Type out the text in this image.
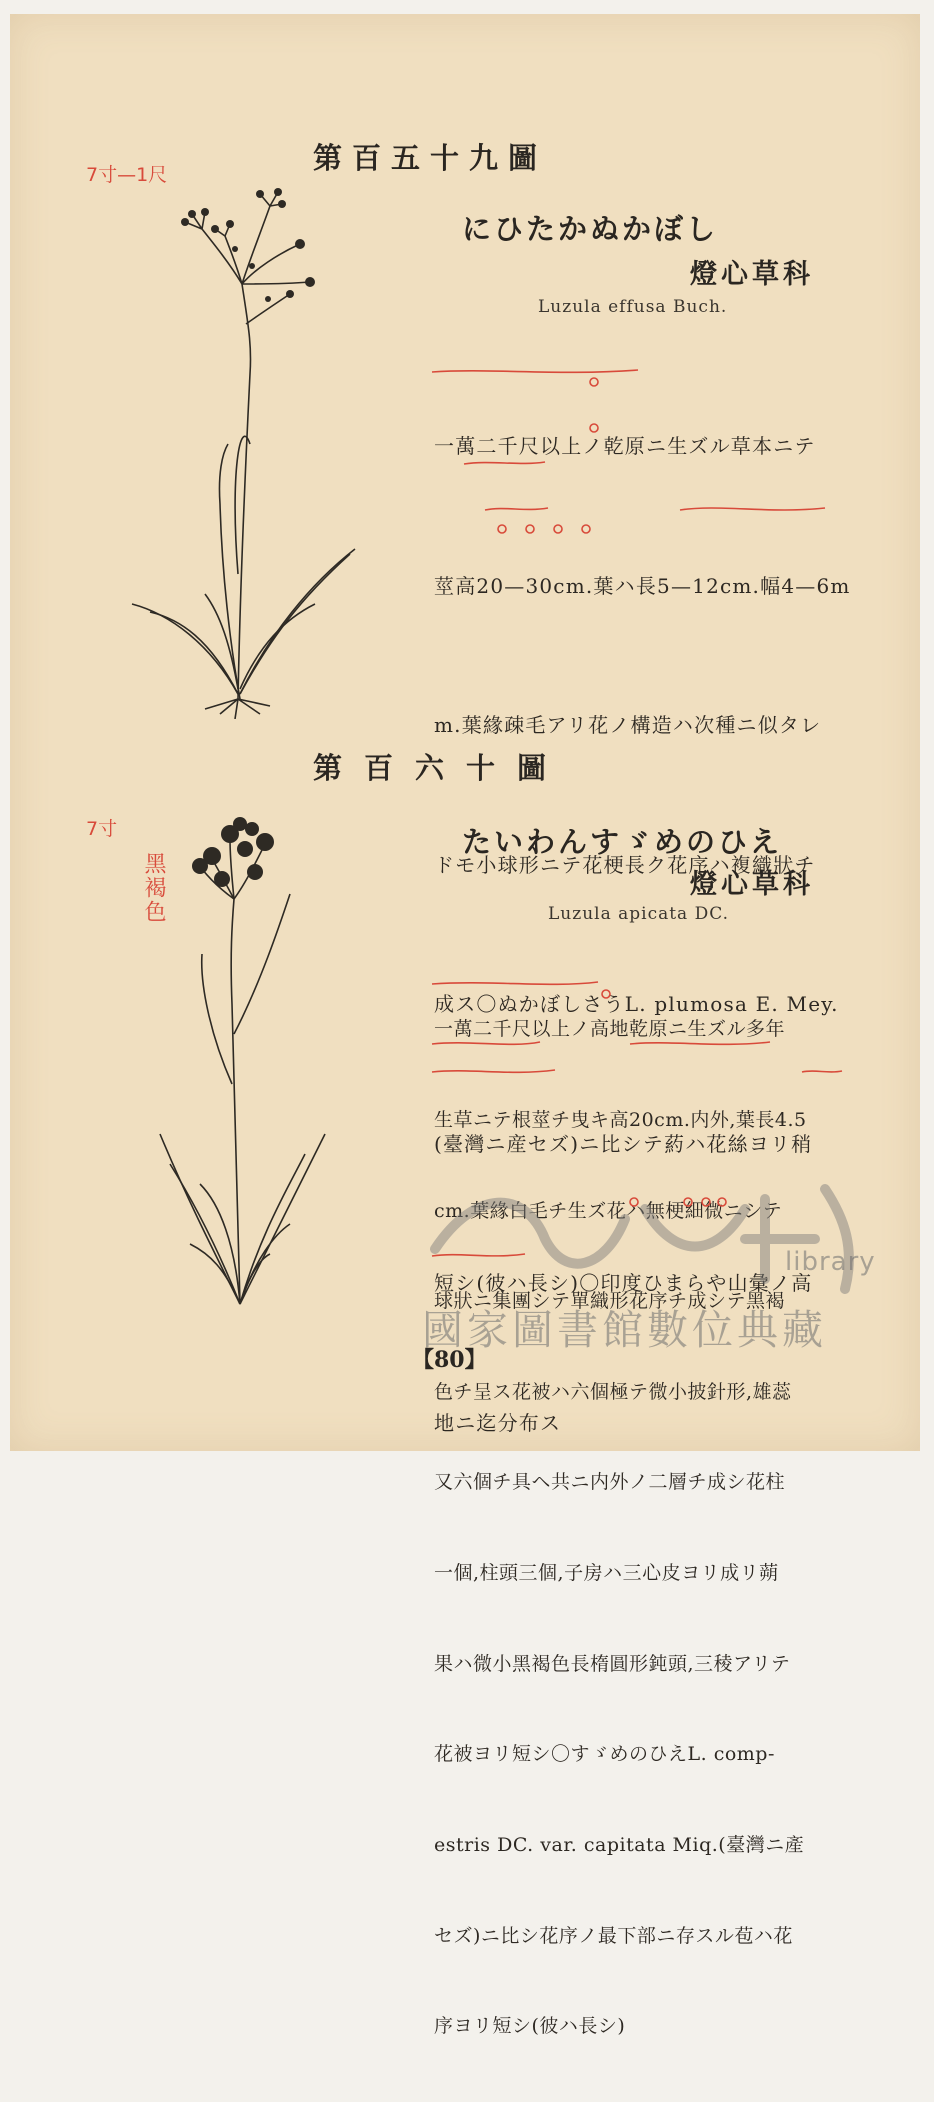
第百五十九圖
7寸—1尺
にひたかぬかぼし
燈心草科
Luzula effusa Buch.

一萬二千尺以上ノ乾原ニ生ズル草本ニテ

莖高20—30cm.葉ハ長5—12cm.幅4—6m

m.葉緣疎毛アリ花ノ構造ハ次種ニ似タレ

ドモ小球形ニテ花梗長ク花序ハ複織狀チ

成ス〇ぬかぼしさうL. plumosa E. Mey.

(臺灣ニ産セズ)ニ比シテ葯ハ花絲ヨリ稍

短シ(彼ハ長シ)〇印度ひまらや山彙ノ高

地ニ迄分布ス

第百六十圖
7寸
黑褐色
たいわんすゞめのひえ
燈心草科
Luzula apicata DC.

一萬二千尺以上ノ高地乾原ニ生ズル多年

生草ニテ根莖チ曳キ高20cm.内外,葉長4.5

cm.葉緣白毛チ生ズ花ハ無梗細微ニシテ

球狀ニ集團シテ單織形花序チ成シテ黑褐

色チ呈ス花被ハ六個極テ微小披針形,雄蕊

又六個チ具ヘ共ニ内外ノ二層チ成シ花柱

一個,柱頭三個,子房ハ三心皮ヨリ成リ蒴

果ハ微小黑褐色長楕圓形鈍頭,三稜アリテ

花被ヨリ短シ〇すゞめのひえL. comp-

estris DC. var. capitata Miq.(臺灣ニ產

セズ)ニ比シ花序ノ最下部ニ存スル苞ハ花

序ヨリ短シ(彼ハ長シ)

library
國家圖書館數位典藏
【80】
